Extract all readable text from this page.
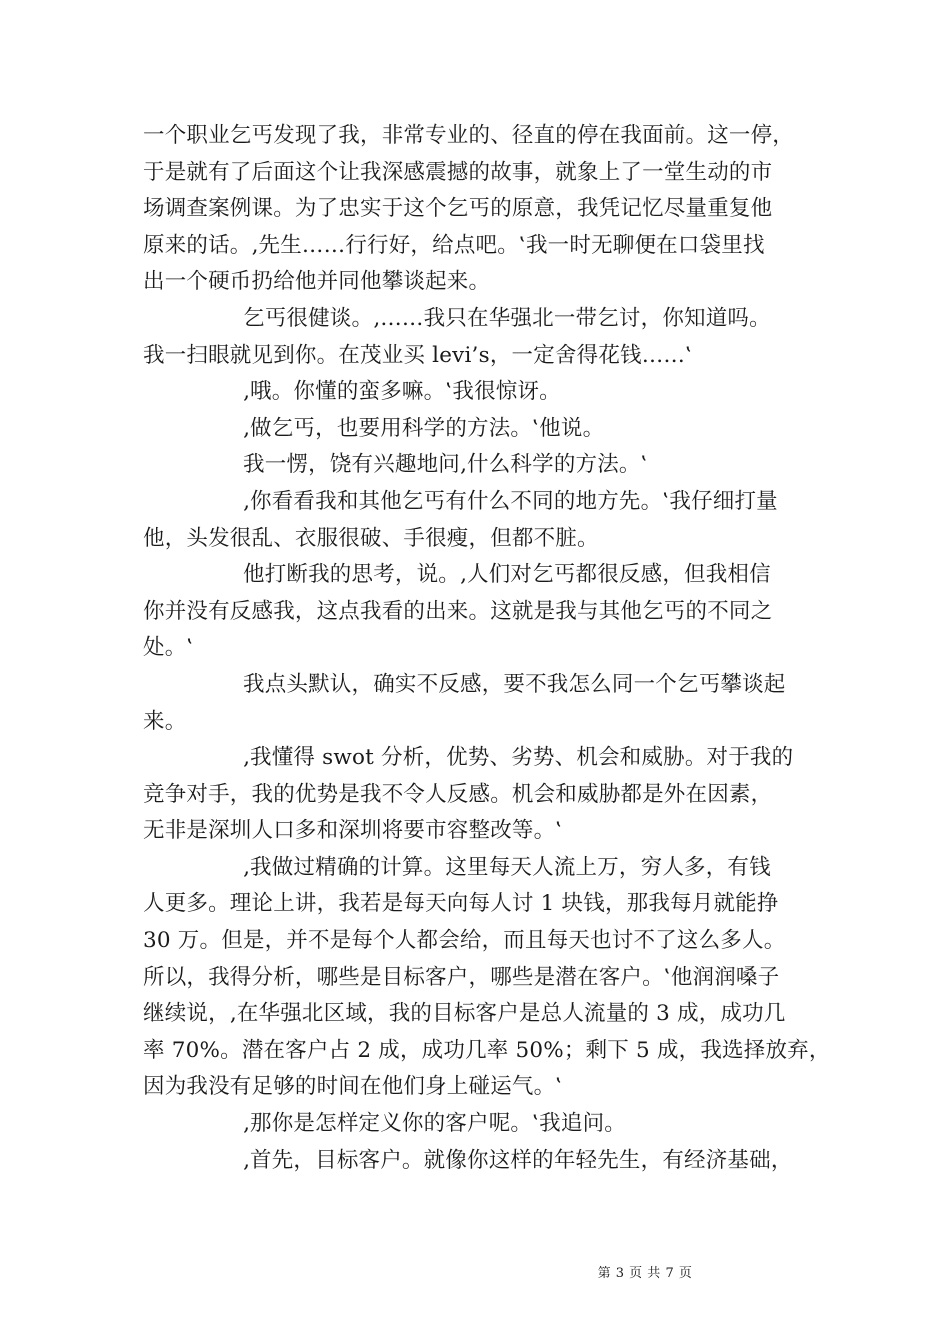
一个职业乞丐发现了我，非常专业的、径直的停在我面前。这一停，
于是就有了后面这个让我深感震撼的故事，就象上了一堂生动的市
场调查案例课。为了忠实于这个乞丐的原意，我凭记忆尽量重复他
原来的话。‚先生……行行好，给点吧。‛我一时无聊便在口袋里找
出一个硬币扔给他并同他攀谈起来。
乞丐很健谈。‚……我只在华强北一带乞讨，你知道吗。
我一扫眼就见到你。在茂业买 levi’s，一定舍得花钱……‛
‚哦。你懂的蛮多嘛。‛我很惊讶。
‚做乞丐，也要用科学的方法。‛他说。
我一愣，饶有兴趣地问‚什么科学的方法。‛
‚你看看我和其他乞丐有什么不同的地方先。‛我仔细打量
他，头发很乱、衣服很破、手很瘦，但都不脏。
他打断我的思考，说。‚人们对乞丐都很反感，但我相信
你并没有反感我，这点我看的出来。这就是我与其他乞丐的不同之
处。‛
我点头默认，确实不反感，要不我怎么同一个乞丐攀谈起
来。
‚我懂得 swot 分析，优势、劣势、机会和威胁。对于我的
竞争对手，我的优势是我不令人反感。机会和威胁都是外在因素，
无非是深圳人口多和深圳将要市容整改等。‛
‚我做过精确的计算。这里每天人流上万，穷人多，有钱
人更多。理论上讲，我若是每天向每人讨 1 块钱，那我每月就能挣
30 万。但是，并不是每个人都会给，而且每天也讨不了这么多人。
所以，我得分析，哪些是目标客户，哪些是潜在客户。‛他润润嗓子
继续说，‚在华强北区域，我的目标客户是总人流量的 3 成，成功几
率 70%。潜在客户占 2 成，成功几率 50%；剩下 5 成，我选择放弃，
因为我没有足够的时间在他们身上碰运气。‛
‚那你是怎样定义你的客户呢。‛我追问。
‚首先，目标客户。就像你这样的年轻先生，有经济基础，
第 3 页 共 7 页
